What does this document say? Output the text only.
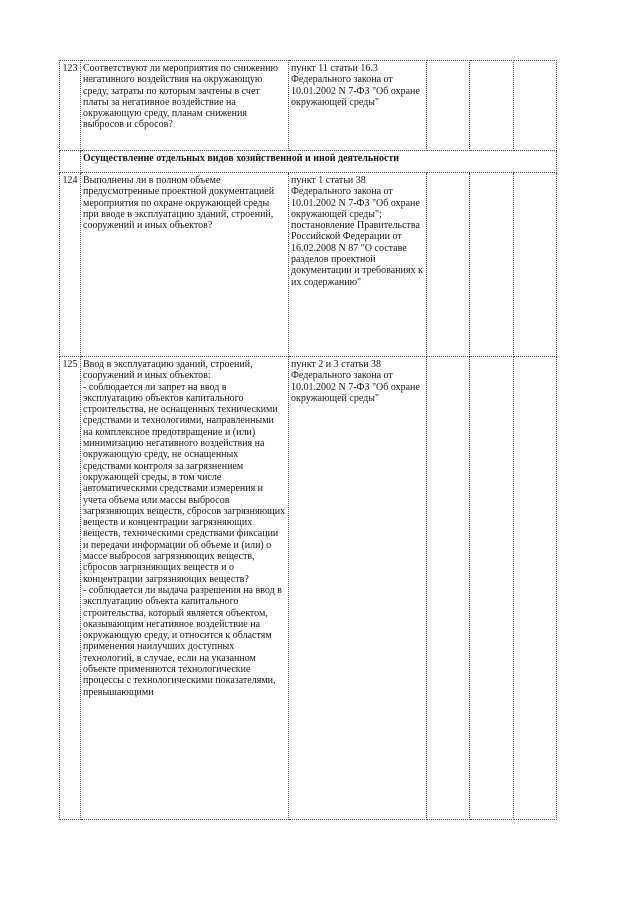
123	Соответствуют ли мероприятия по снижению негативного воздействия на окружающую среду, затраты по которым зачтены в счет платы за негативное воздействие на окружающую среду, планам снижения выбросов и сбросов?	пункт 11 статьи 16.3 Федерального закона от 10.01.2002 N 7-ФЗ "Об охране окружающей среды"			
	Осуществление отдельных видов хозяйственной и иной деятельности				
124	Выполнены ли в полном объеме предусмотренные проектной документацией мероприятия по охране окружающей среды при вводе в эксплуатацию зданий, строений, сооружений и иных объектов?	пункт 1 статьи 38 Федерального закона от 10.01.2002 N 7-ФЗ "Об охране окружающей среды";
постановление Правительства Российской Федерации от 16.02.2008 N 87 "О составе разделов проектной документации и требованиях к их содержанию"			
125	Ввод в эксплуатацию зданий, строений, сооружений и иных объектов:
- соблюдается ли запрет на ввод в эксплуатацию объектов капитального строительства, не оснащенных техническими средствами и технологиями, направленными на комплексное предотвращение и (или) минимизацию негативного воздействия на окружающую среду, не оснащенных средствами контроля за загрязнением окружающей среды, в том числе автоматическими средствами измерения и учета объема или массы выбросов загрязняющих веществ, сбросов загрязняющих веществ и концентрации загрязняющих веществ, техническими средствами фиксации и передачи информации об объеме и (или) о массе выбросов загрязняющих веществ, сбросов загрязняющих веществ и о концентрации загрязняющих веществ?
- соблюдается ли выдача разрешения на ввод в эксплуатацию объекта капитального строительства, который является объектом, оказывающим негативное воздействие на окружающую среду, и относится к областям применения наилучших доступных технологий, в случае, если на указанном объекте применяются технологические процессы с технологическими показателями, превышающими	пункт 2 и 3 статьи 38 Федерального закона от 10.01.2002 N 7-ФЗ "Об охране окружающей среды"			
